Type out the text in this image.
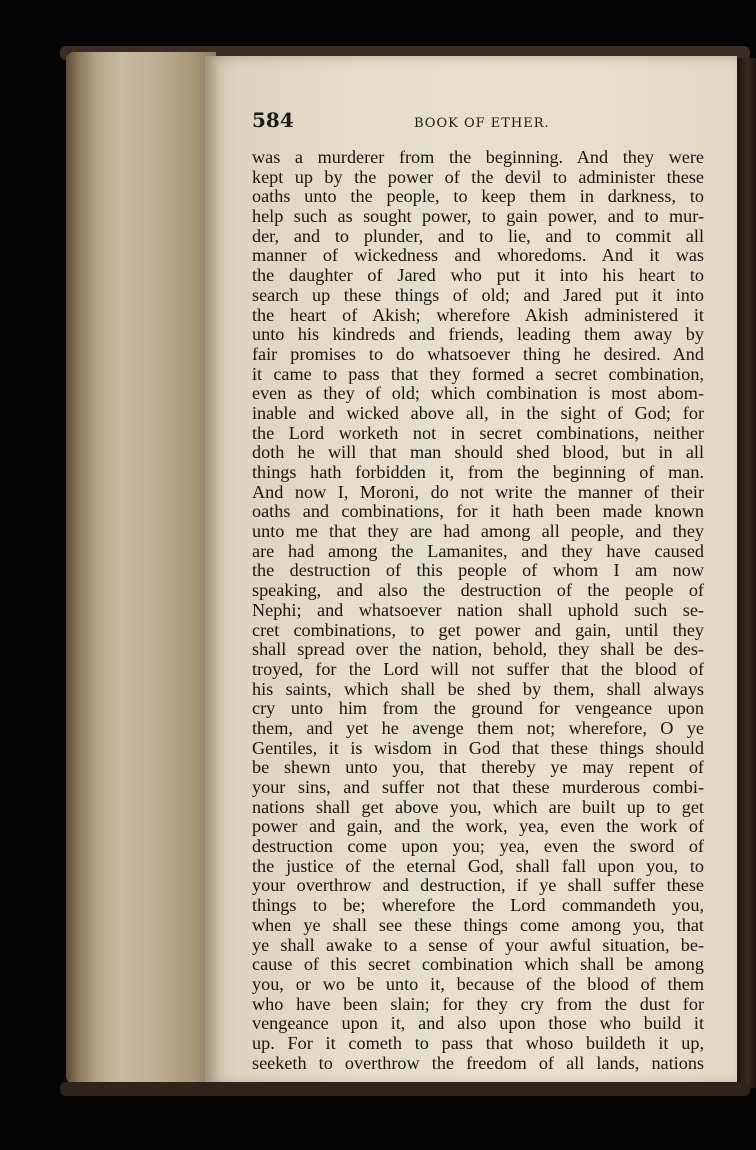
584	BOOK OF ETHER.
was a murderer from the beginning. And they were
kept up by the power of the devil to administer these
oaths unto the people, to keep them in darkness, to
help such as sought power, to gain power, and to mur-
der, and to plunder, and to lie, and to commit all
manner of wickedness and whoredoms. And it was
the daughter of Jared who put it into his heart to
search up these things of old; and Jared put it into
the heart of Akish; wherefore Akish administered it
unto his kindreds and friends, leading them away by
fair promises to do whatsoever thing he desired. And
it came to pass that they formed a secret combination,
even as they of old; which combination is most abom-
inable and wicked above all, in the sight of God; for
the Lord worketh not in secret combinations, neither
doth he will that man should shed blood, but in all
things hath forbidden it, from the beginning of man.
And now I, Moroni, do not write the manner of their
oaths and combinations, for it hath been made known
unto me that they are had among all people, and they
are had among the Lamanites, and they have caused
the destruction of this people of whom I am now
speaking, and also the destruction of the people of
Nephi; and whatsoever nation shall uphold such se-
cret combinations, to get power and gain, until they
shall spread over the nation, behold, they shall be des-
troyed, for the Lord will not suffer that the blood of
his saints, which shall be shed by them, shall always
cry unto him from the ground for vengeance upon
them, and yet he avenge them not; wherefore, O ye
Gentiles, it is wisdom in God that these things should
be shewn unto you, that thereby ye may repent of
your sins, and suffer not that these murderous combi-
nations shall get above you, which are built up to get
power and gain, and the work, yea, even the work of
destruction come upon you; yea, even the sword of
the justice of the eternal God, shall fall upon you, to
your overthrow and destruction, if ye shall suffer these
things to be; wherefore the Lord commandeth you,
when ye shall see these things come among you, that
ye shall awake to a sense of your awful situation, be-
cause of this secret combination which shall be among
you, or wo be unto it, because of the blood of them
who have been slain; for they cry from the dust for
vengeance upon it, and also upon those who build it
up. For it cometh to pass that whoso buildeth it up,
seeketh to overthrow the freedom of all lands, nations
